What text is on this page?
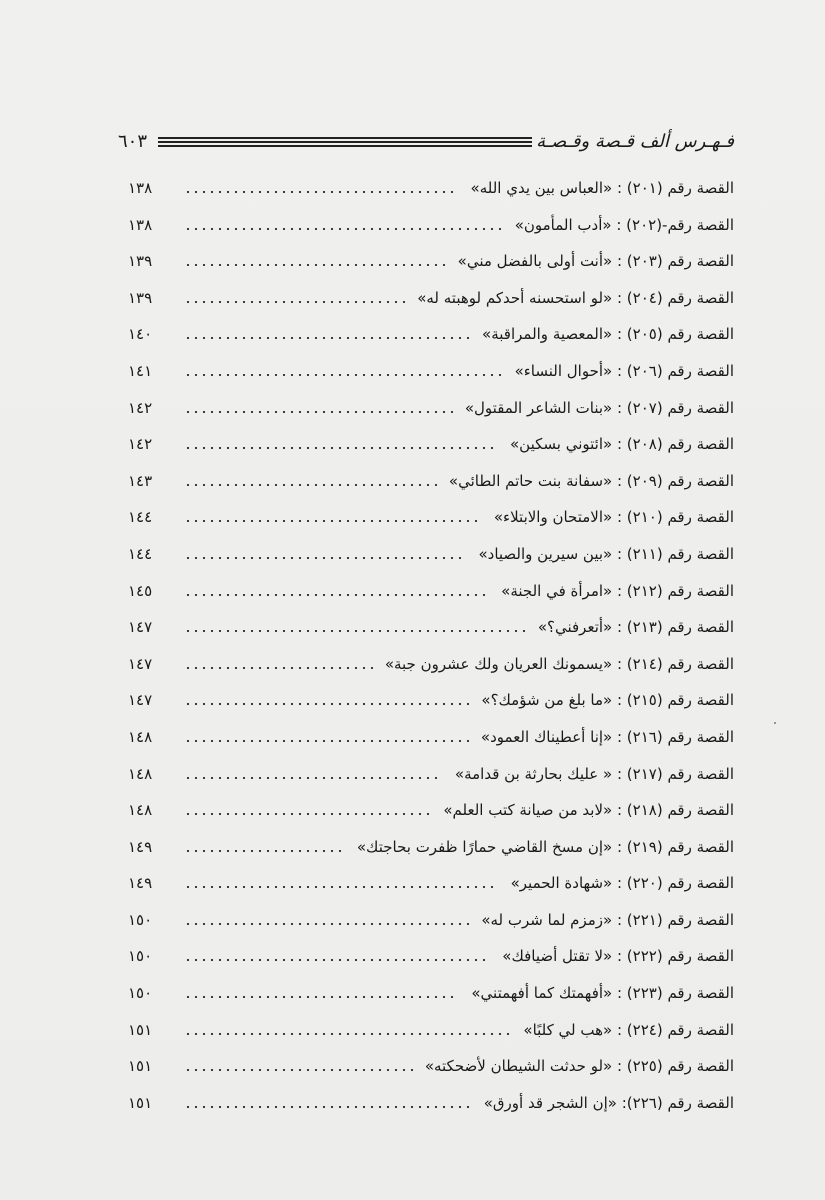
٦٠٣	فـهـرس ألف قـصة وقـصـة
القصة رقم (٢٠١) : «العباس بين يدي الله»
١٣٨
القصة رقم-(٢٠٢) : «أدب المأمون»
١٣٨
القصة رقم (٢٠٣) : «أنت أولى بالفضل مني»
١٣٩
القصة رقم (٢٠٤) : «لو استحسنه أحدكم لوهبته له»
١٣٩
القصة رقم (٢٠٥) : «المعصية والمراقبة»
١٤٠
القصة رقم (٢٠٦) : «أحوال النساء»
١٤١
القصة رقم (٢٠٧) : «بنات الشاعر المقتول»
١٤٢
القصة رقم (٢٠٨) : «ائتوني بسكين»
١٤٢
القصة رقم (٢٠٩) : «سفانة بنت حاتم الطائي»
١٤٣
القصة رقم (٢١٠) : «الامتحان والابتلاء»
١٤٤
القصة رقم (٢١١) : «بين سيرين والصياد»
١٤٤
القصة رقم (٢١٢) : «امرأة في الجنة»
١٤٥
القصة رقم (٢١٣) : «أتعرفني؟»
١٤٧
القصة رقم (٢١٤) : «يسمونك العريان ولك عشرون جبة»
١٤٧
القصة رقم (٢١٥) : «ما بلغ من شؤمك؟»
١٤٧
القصة رقم (٢١٦) : «إنا أعطيناك العمود»
١٤٨
القصة رقم (٢١٧) : « عليك بحارثة بن قدامة»
١٤٨
القصة رقم (٢١٨) : «لابد من صيانة كتب العلم»
١٤٨
القصة رقم (٢١٩) : «إن مسخ القاضي حمارًا ظفرت بحاجتك»
١٤٩
القصة رقم (٢٢٠) : «شهادة الحمير»
١٤٩
القصة رقم (٢٢١) : «زمزم لما شرب له»
١٥٠
القصة رقم (٢٢٢) : «لا تقتل أضيافك»
١٥٠
القصة رقم (٢٢٣) : «أفهمتك كما أفهمتني»
١٥٠
القصة رقم (٢٢٤) : «هب لي كلبًا»
١٥١
القصة رقم (٢٢٥) : «لو حدثت الشيطان لأضحكته»
١٥١
القصة رقم (٢٢٦): «إن الشجر قد أورق»
١٥١
